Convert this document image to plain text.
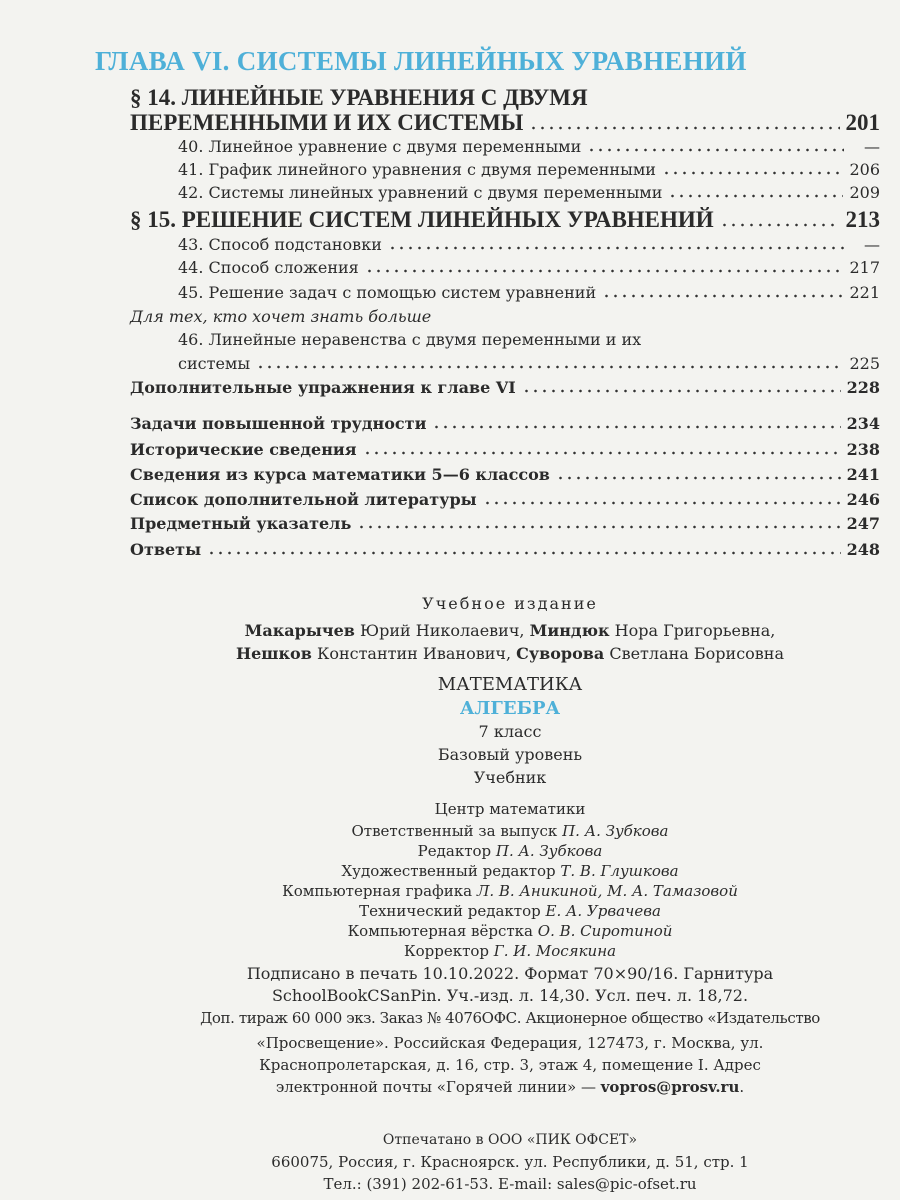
ГЛАВА VI. СИСТЕМЫ ЛИНЕЙНЫХ УРАВНЕНИЙ
§ 14. ЛИНЕЙНЫЕ УРАВНЕНИЯ С ДВУМЯ
ПЕРЕМЕННЫМИ И ИХ СИСТЕМЫ	201
40. Линейное уравнение с двумя переменными	—
41. График линейного уравнения с двумя переменными	206
42. Системы линейных уравнений с двумя переменными	209
§ 15. РЕШЕНИЕ СИСТЕМ ЛИНЕЙНЫХ УРАВНЕНИЙ	213
43. Способ подстановки	—
44. Способ сложения	217
45. Решение задач с помощью систем уравнений	221
Для тех, кто хочет знать больше
46. Линейные неравенства с двумя переменными и их
системы	225
Дополнительные упражнения к главе VI	228
Задачи повышенной трудности	234
Исторические сведения	238
Сведения из курса математики 5—6 классов	241
Список дополнительной литературы	246
Предметный указатель	247
Ответы	248
Учебное издание
Макарычев Юрий Николаевич, Миндюк Нора Григорьевна,
Нешков Константин Иванович, Суворова Светлана Борисовна
МАТЕМАТИКА
АЛГЕБРА
7 класс
Базовый уровень
Учебник
Центр математики
Ответственный за выпуск П. А. Зубкова
Редактор П. А. Зубкова
Художественный редактор Т. В. Глушкова
Компьютерная графика Л. В. Аникиной, М. А. Тамазовой
Технический редактор Е. А. Урвачева
Компьютерная вёрстка О. В. Сиротиной
Корректор Г. И. Мосякина
Подписано в печать 10.10.2022. Формат 70×90/16. Гарнитура
SchoolBookCSanPin. Уч.-изд. л. 14,30. Усл. печ. л. 18,72.
Доп. тираж 60 000 экз. Заказ № 4076ОФС. Акционерное общество «Издательство
«Просвещение». Российская Федерация, 127473, г. Москва, ул.
Краснопролетарская, д. 16, стр. 3, этаж 4, помещение I. Адрес
электронной почты «Горячей линии» — vopros@prosv.ru.
Отпечатано в ООО «ПИК ОФСЕТ»
660075, Россия, г. Красноярск. ул. Республики, д. 51, стр. 1
Тел.: (391) 202-61-53. E-mail: sales@pic-ofset.ru
